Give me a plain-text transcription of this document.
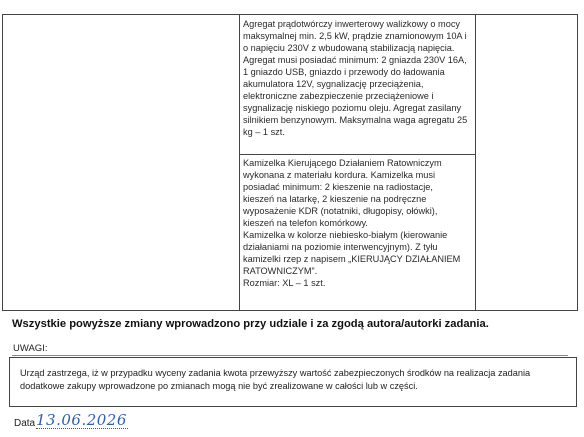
Agregat prądotwórczy inwerterowy walizkowy o mocy
maksymalnej min. 2,5 kW, prądzie znamionowym 10A i
o napięciu 230V z wbudowaną stabilizacją napięcia.
Agregat musi posiadać minimum: 2 gniazda 230V 16A,
1 gniazdo USB, gniazdo i przewody do ładowania
akumulatora 12V, sygnalizację przeciążenia,
elektroniczne zabezpieczenie przeciążeniowe i
sygnalizację niskiego poziomu oleju. Agregat zasilany
silnikiem benzynowym. Maksymalna waga agregatu 25
kg – 1 szt.
Kamizelka Kierującego Działaniem Ratowniczym
wykonana z materiału kordura. Kamizelka musi
posiadać minimum: 2 kieszenie na radiostacje,
kieszeń na latarkę, 2 kieszenie na podręczne
wyposażenie KDR (notatniki, długopisy, ołówki),
kieszeń na telefon komórkowy.
Kamizelka w kolorze niebiesko-białym (kierowanie
działaniami na poziomie interwencyjnym). Z tyłu
kamizelki rzep z napisem „KIERUJĄCY DZIAŁANIEM
RATOWNICZYM”.
Rozmiar: XL – 1 szt.
Wszystkie powyższe zmiany wprowadzono przy udziale i za zgodą autora/autorki zadania.
UWAGI:
Urząd zastrzega, iż w przypadku wyceny zadania kwota przewyższy wartość zabezpieczonych środków na realizacja zadania
dodatkowe zakupy wprowadzone po zmianach mogą nie być zrealizowane w całości lub w części.
Data 13.06.2026
